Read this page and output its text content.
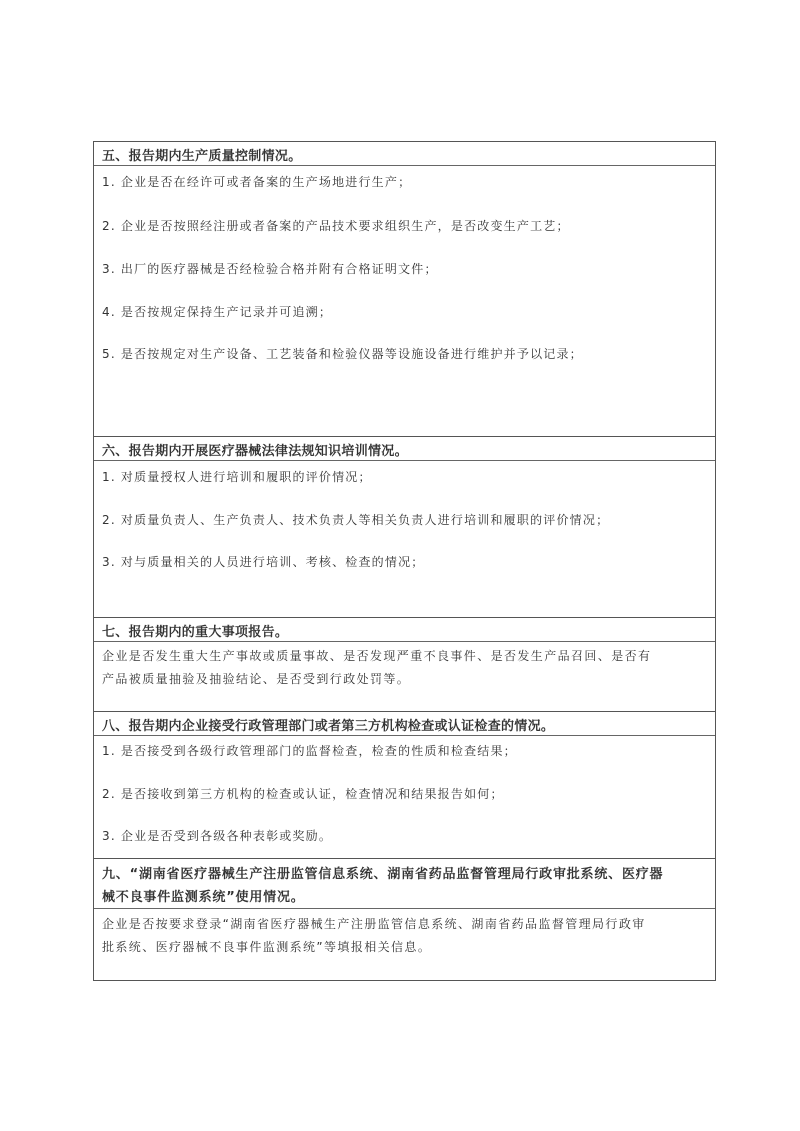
五、报告期内生产质量控制情况。
1. 企业是否在经许可或者备案的生产场地进行生产；
2. 企业是否按照经注册或者备案的产品技术要求组织生产，是否改变生产工艺；
3. 出厂的医疗器械是否经检验合格并附有合格证明文件；
4. 是否按规定保持生产记录并可追溯；
5. 是否按规定对生产设备、工艺装备和检验仪器等设施设备进行维护并予以记录；
六、报告期内开展医疗器械法律法规知识培训情况。
1. 对质量授权人进行培训和履职的评价情况；
2. 对质量负责人、生产负责人、技术负责人等相关负责人进行培训和履职的评价情况；
3. 对与质量相关的人员进行培训、考核、检查的情况；
七、报告期内的重大事项报告。
企业是否发生重大生产事故或质量事故、是否发现严重不良事件、是否发生产品召回、是否有
产品被质量抽验及抽验结论、是否受到行政处罚等。
八、报告期内企业接受行政管理部门或者第三方机构检查或认证检查的情况。
1. 是否接受到各级行政管理部门的监督检查，检查的性质和检查结果；
2. 是否接收到第三方机构的检查或认证，检查情况和结果报告如何；
3. 企业是否受到各级各种表彰或奖励。
九、“湖南省医疗器械生产注册监管信息系统、湖南省药品监督管理局行政审批系统、医疗器
械不良事件监测系统”使用情况。
企业是否按要求登录“湖南省医疗器械生产注册监管信息系统、湖南省药品监督管理局行政审
批系统、医疗器械不良事件监测系统”等填报相关信息。
